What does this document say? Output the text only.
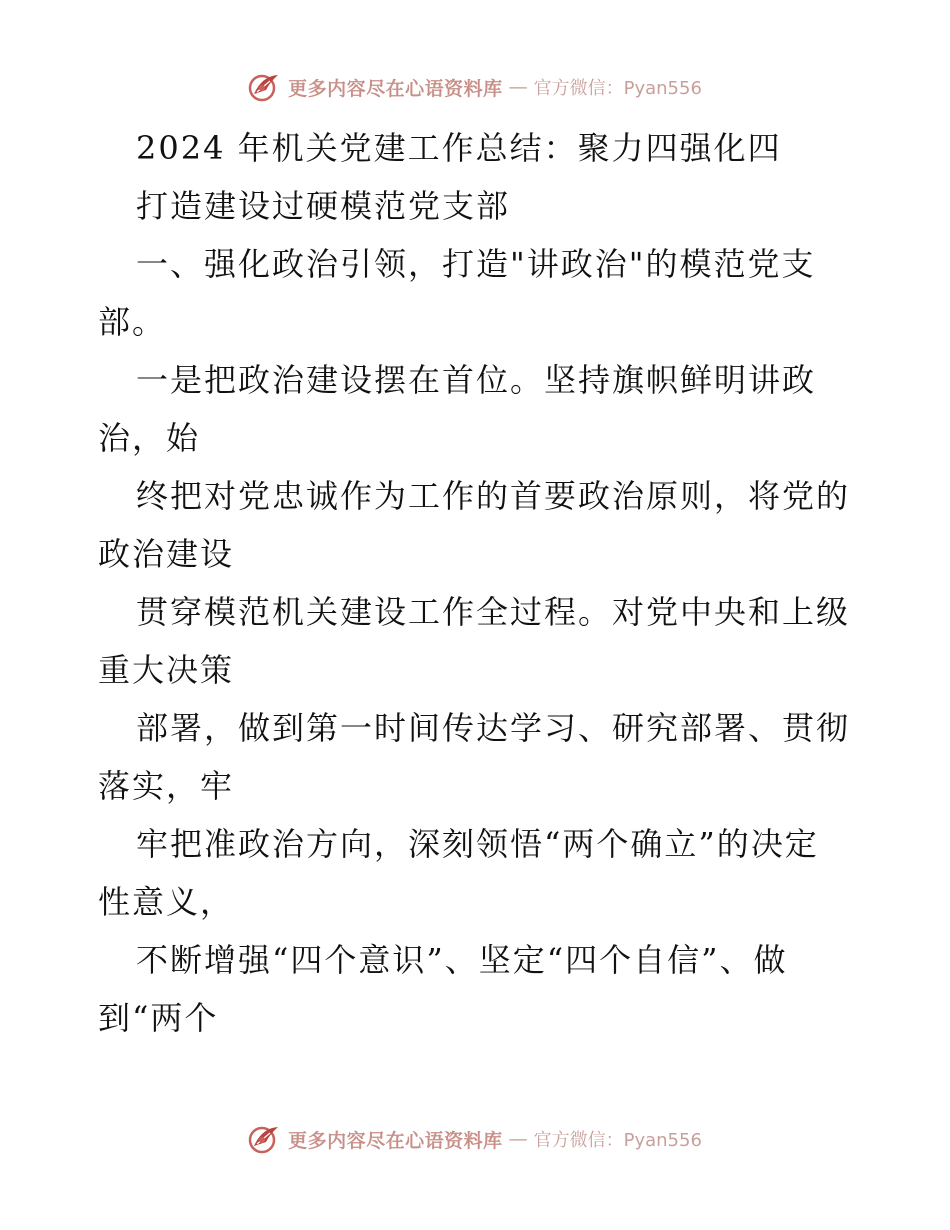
更多内容尽在心语资料库 — 官方微信：Pyan556
2024 年机关党建工作总结：聚力四强化四
打造建设过硬模范党支部
一、强化政治引领，打造"讲政治"的模范党支
部。
一是把政治建设摆在首位。坚持旗帜鲜明讲政
治，始
终把对党忠诚作为工作的首要政治原则，将党的
政治建设
贯穿模范机关建设工作全过程。对党中央和上级
重大决策
部署，做到第一时间传达学习、研究部署、贯彻
落实，牢
牢把准政治方向，深刻领悟“两个确立”的决定
性意义，
不断增强“四个意识”、坚定“四个自信”、做
到“两个
更多内容尽在心语资料库 — 官方微信：Pyan556
